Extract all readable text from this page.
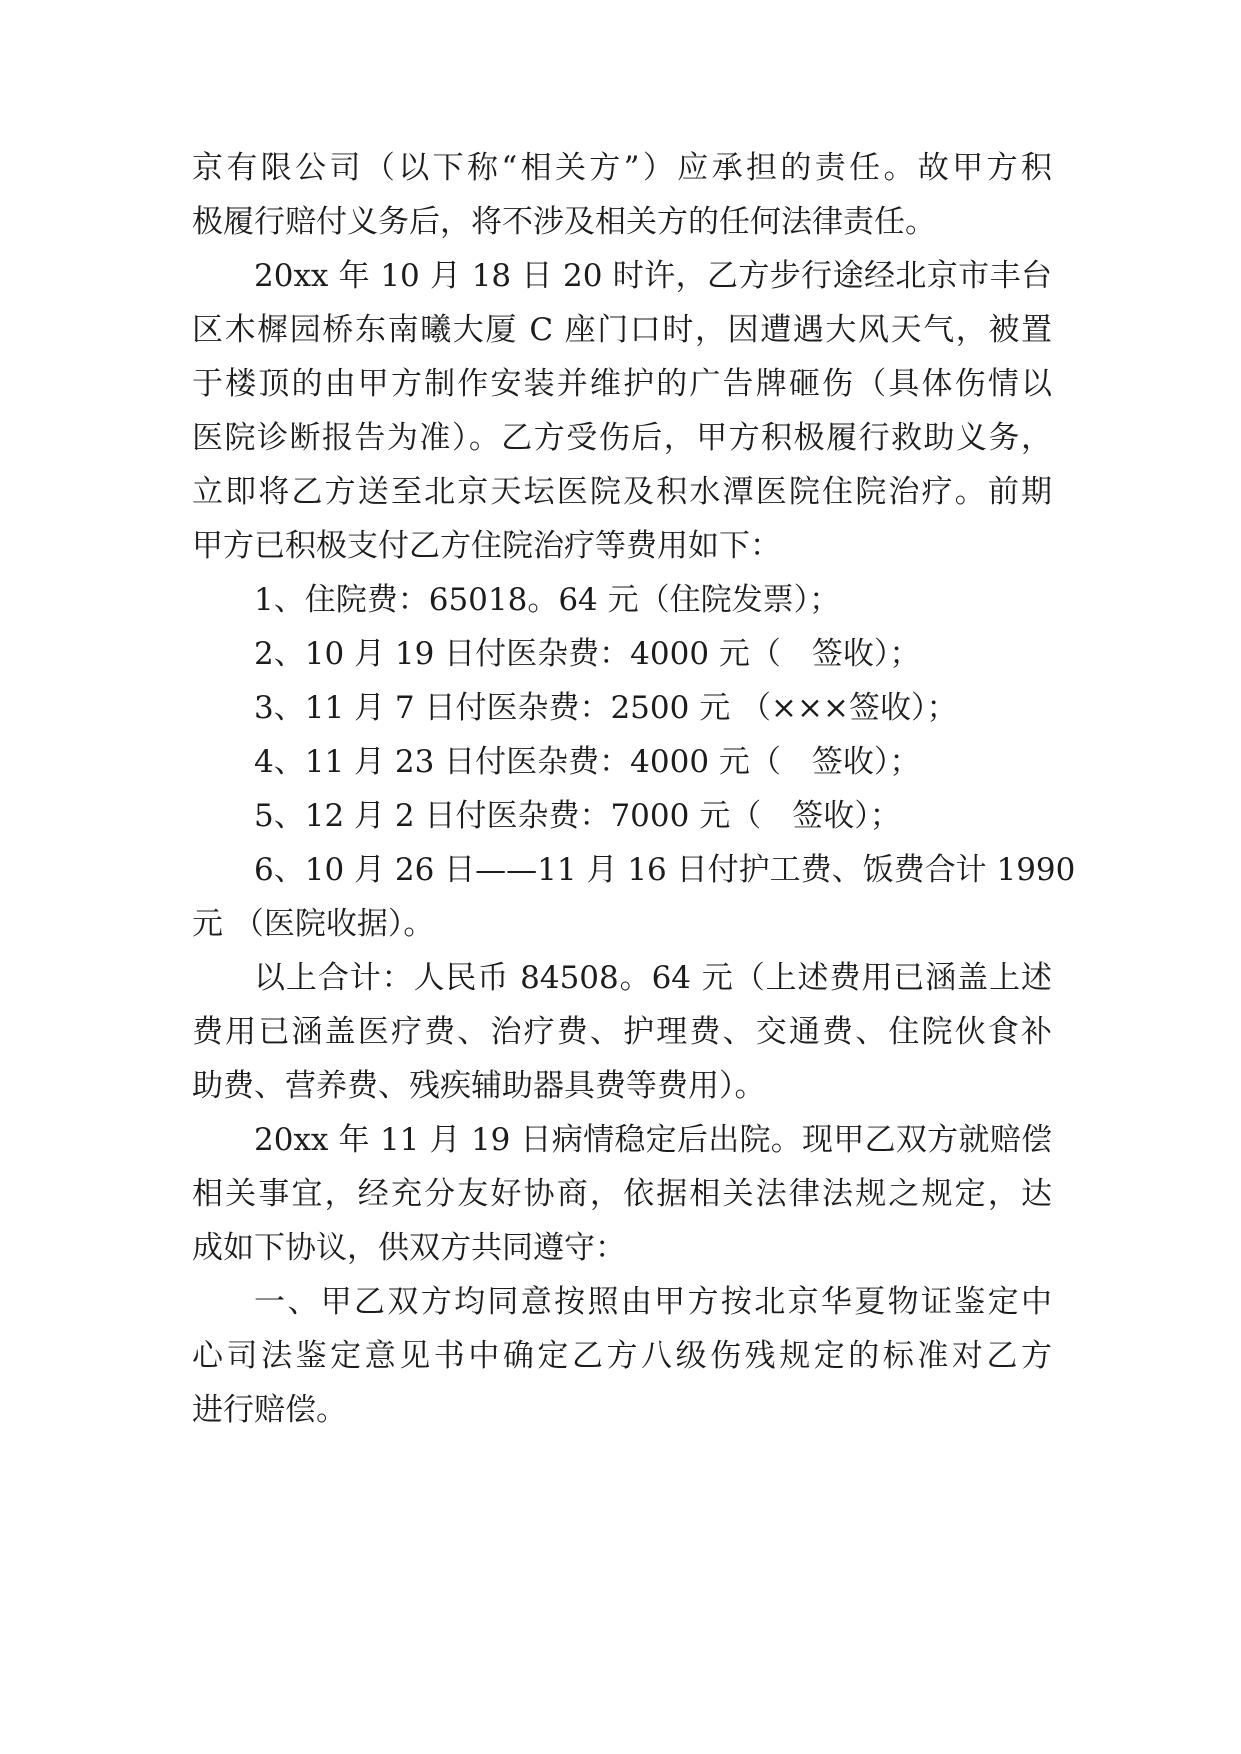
京有限公司（以下称“相关方”）应承担的责任。故甲方积
极履行赔付义务后，将不涉及相关方的任何法律责任。
20xx 年 10 月 18 日 20 时许，乙方步行途经北京市丰台
区木樨园桥东南曦大厦 C 座门口时，因遭遇大风天气，被置
于楼顶的由甲方制作安装并维护的广告牌砸伤（具体伤情以
医院诊断报告为准）。乙方受伤后，甲方积极履行救助义务，
立即将乙方送至北京天坛医院及积水潭医院住院治疗。前期
甲方已积极支付乙方住院治疗等费用如下：
1、住院费：65018。64 元（住院发票）；
2、10 月 19 日付医杂费：4000 元（　签收）；
3、11 月 7 日付医杂费：2500 元 （×××签收）；
4、11 月 23 日付医杂费：4000 元（　签收）；
5、12 月 2 日付医杂费：7000 元（　签收）；
6、10 月 26 日——11 月 16 日付护工费、饭费合计 1990
元 （医院收据）。
以上合计：人民币 84508。64 元（上述费用已涵盖上述
费用已涵盖医疗费、治疗费、护理费、交通费、住院伙食补
助费、营养费、残疾辅助器具费等费用）。
20xx 年 11 月 19 日病情稳定后出院。现甲乙双方就赔偿
相关事宜，经充分友好协商，依据相关法律法规之规定，达
成如下协议，供双方共同遵守：
一、甲乙双方均同意按照由甲方按北京华夏物证鉴定中
心司法鉴定意见书中确定乙方八级伤残规定的标准对乙方
进行赔偿。
